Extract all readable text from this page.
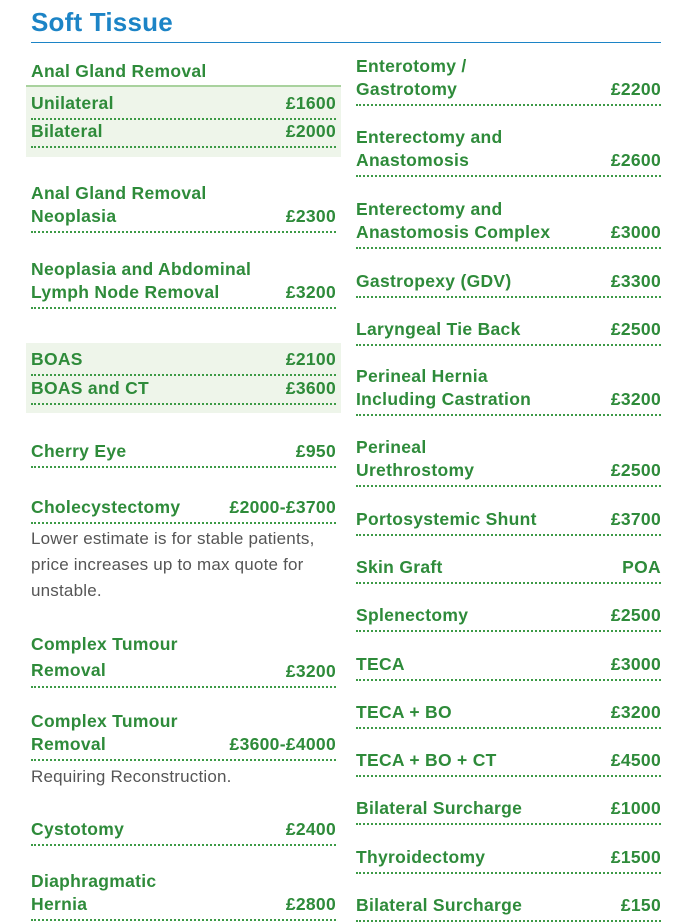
Soft Tissue
Anal Gland Removal
Unilateral	£1600
Bilateral	£2000
Anal Gland Removal
Neoplasia	£2300
Neoplasia and Abdominal
Lymph Node Removal	£3200
BOAS	£2100
BOAS and CT	£3600
Cherry Eye	£950
Cholecystectomy	£2000-£3700
Lower estimate is for stable patients, price increases up to max quote for unstable.
Complex Tumour
Removal	£3200
Complex Tumour
Removal	£3600-£4000
Requiring Reconstruction.
Cystotomy	£2400
Diaphragmatic
Hernia	£2800
Enterotomy /
Gastrotomy	£2200
Enterectomy and
Anastomosis	£2600
Enterectomy and
Anastomosis Complex	£3000
Gastropexy (GDV)	£3300
Laryngeal Tie Back	£2500
Perineal Hernia
Including Castration	£3200
Perineal
Urethrostomy	£2500
Portosystemic Shunt	£3700
Skin Graft	POA
Splenectomy	£2500
TECA	£3000
TECA + BO	£3200
TECA + BO + CT	£4500
Bilateral Surcharge	£1000
Thyroidectomy	£1500
Bilateral Surcharge	£150
